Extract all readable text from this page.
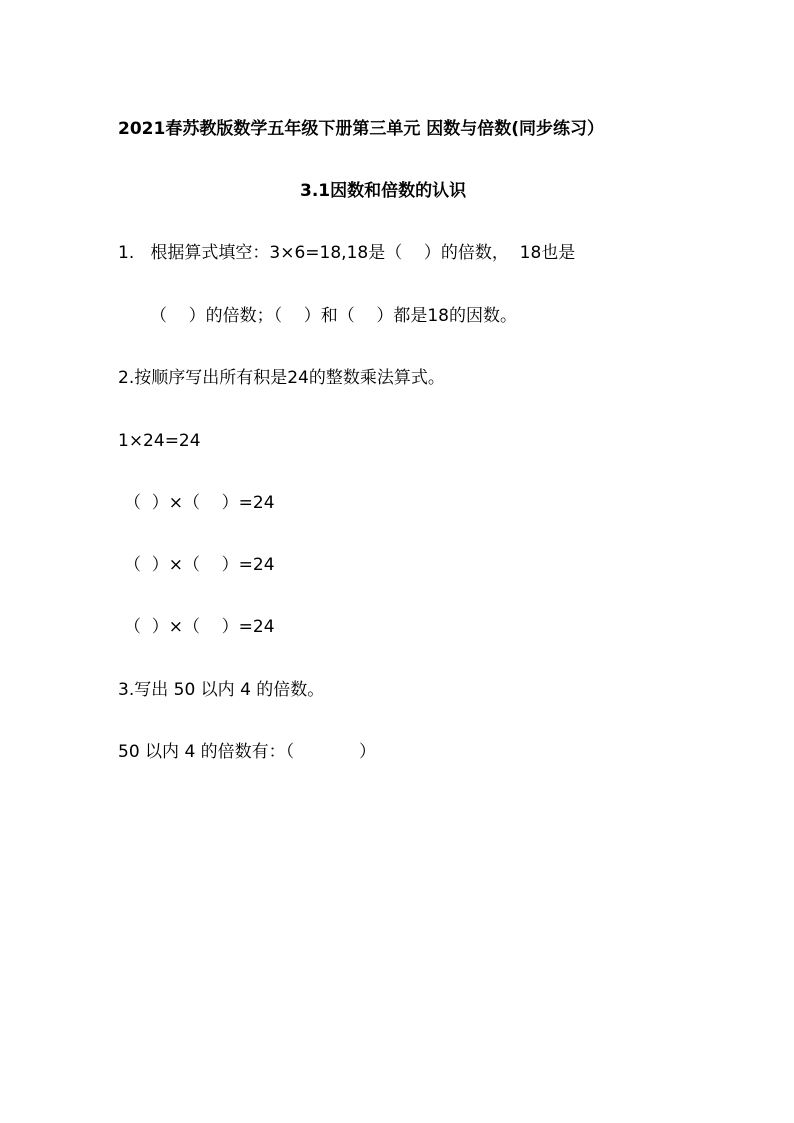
2021春苏教版数学五年级下册第三单元 因数与倍数(同步练习）
3.1因数和倍数的认识
1.   根据算式填空：3×6=18,18是（    ）的倍数，  18也是
（    ）的倍数；（    ）和（    ）都是18的因数。
2.按顺序写出所有积是24的整数乘法算式。
1×24=24
（  ）×（    ）=24
（  ）×（    ）=24
（  ）×（    ）=24
3.写出 50 以内 4 的倍数。
50 以内 4 的倍数有：（            ）
